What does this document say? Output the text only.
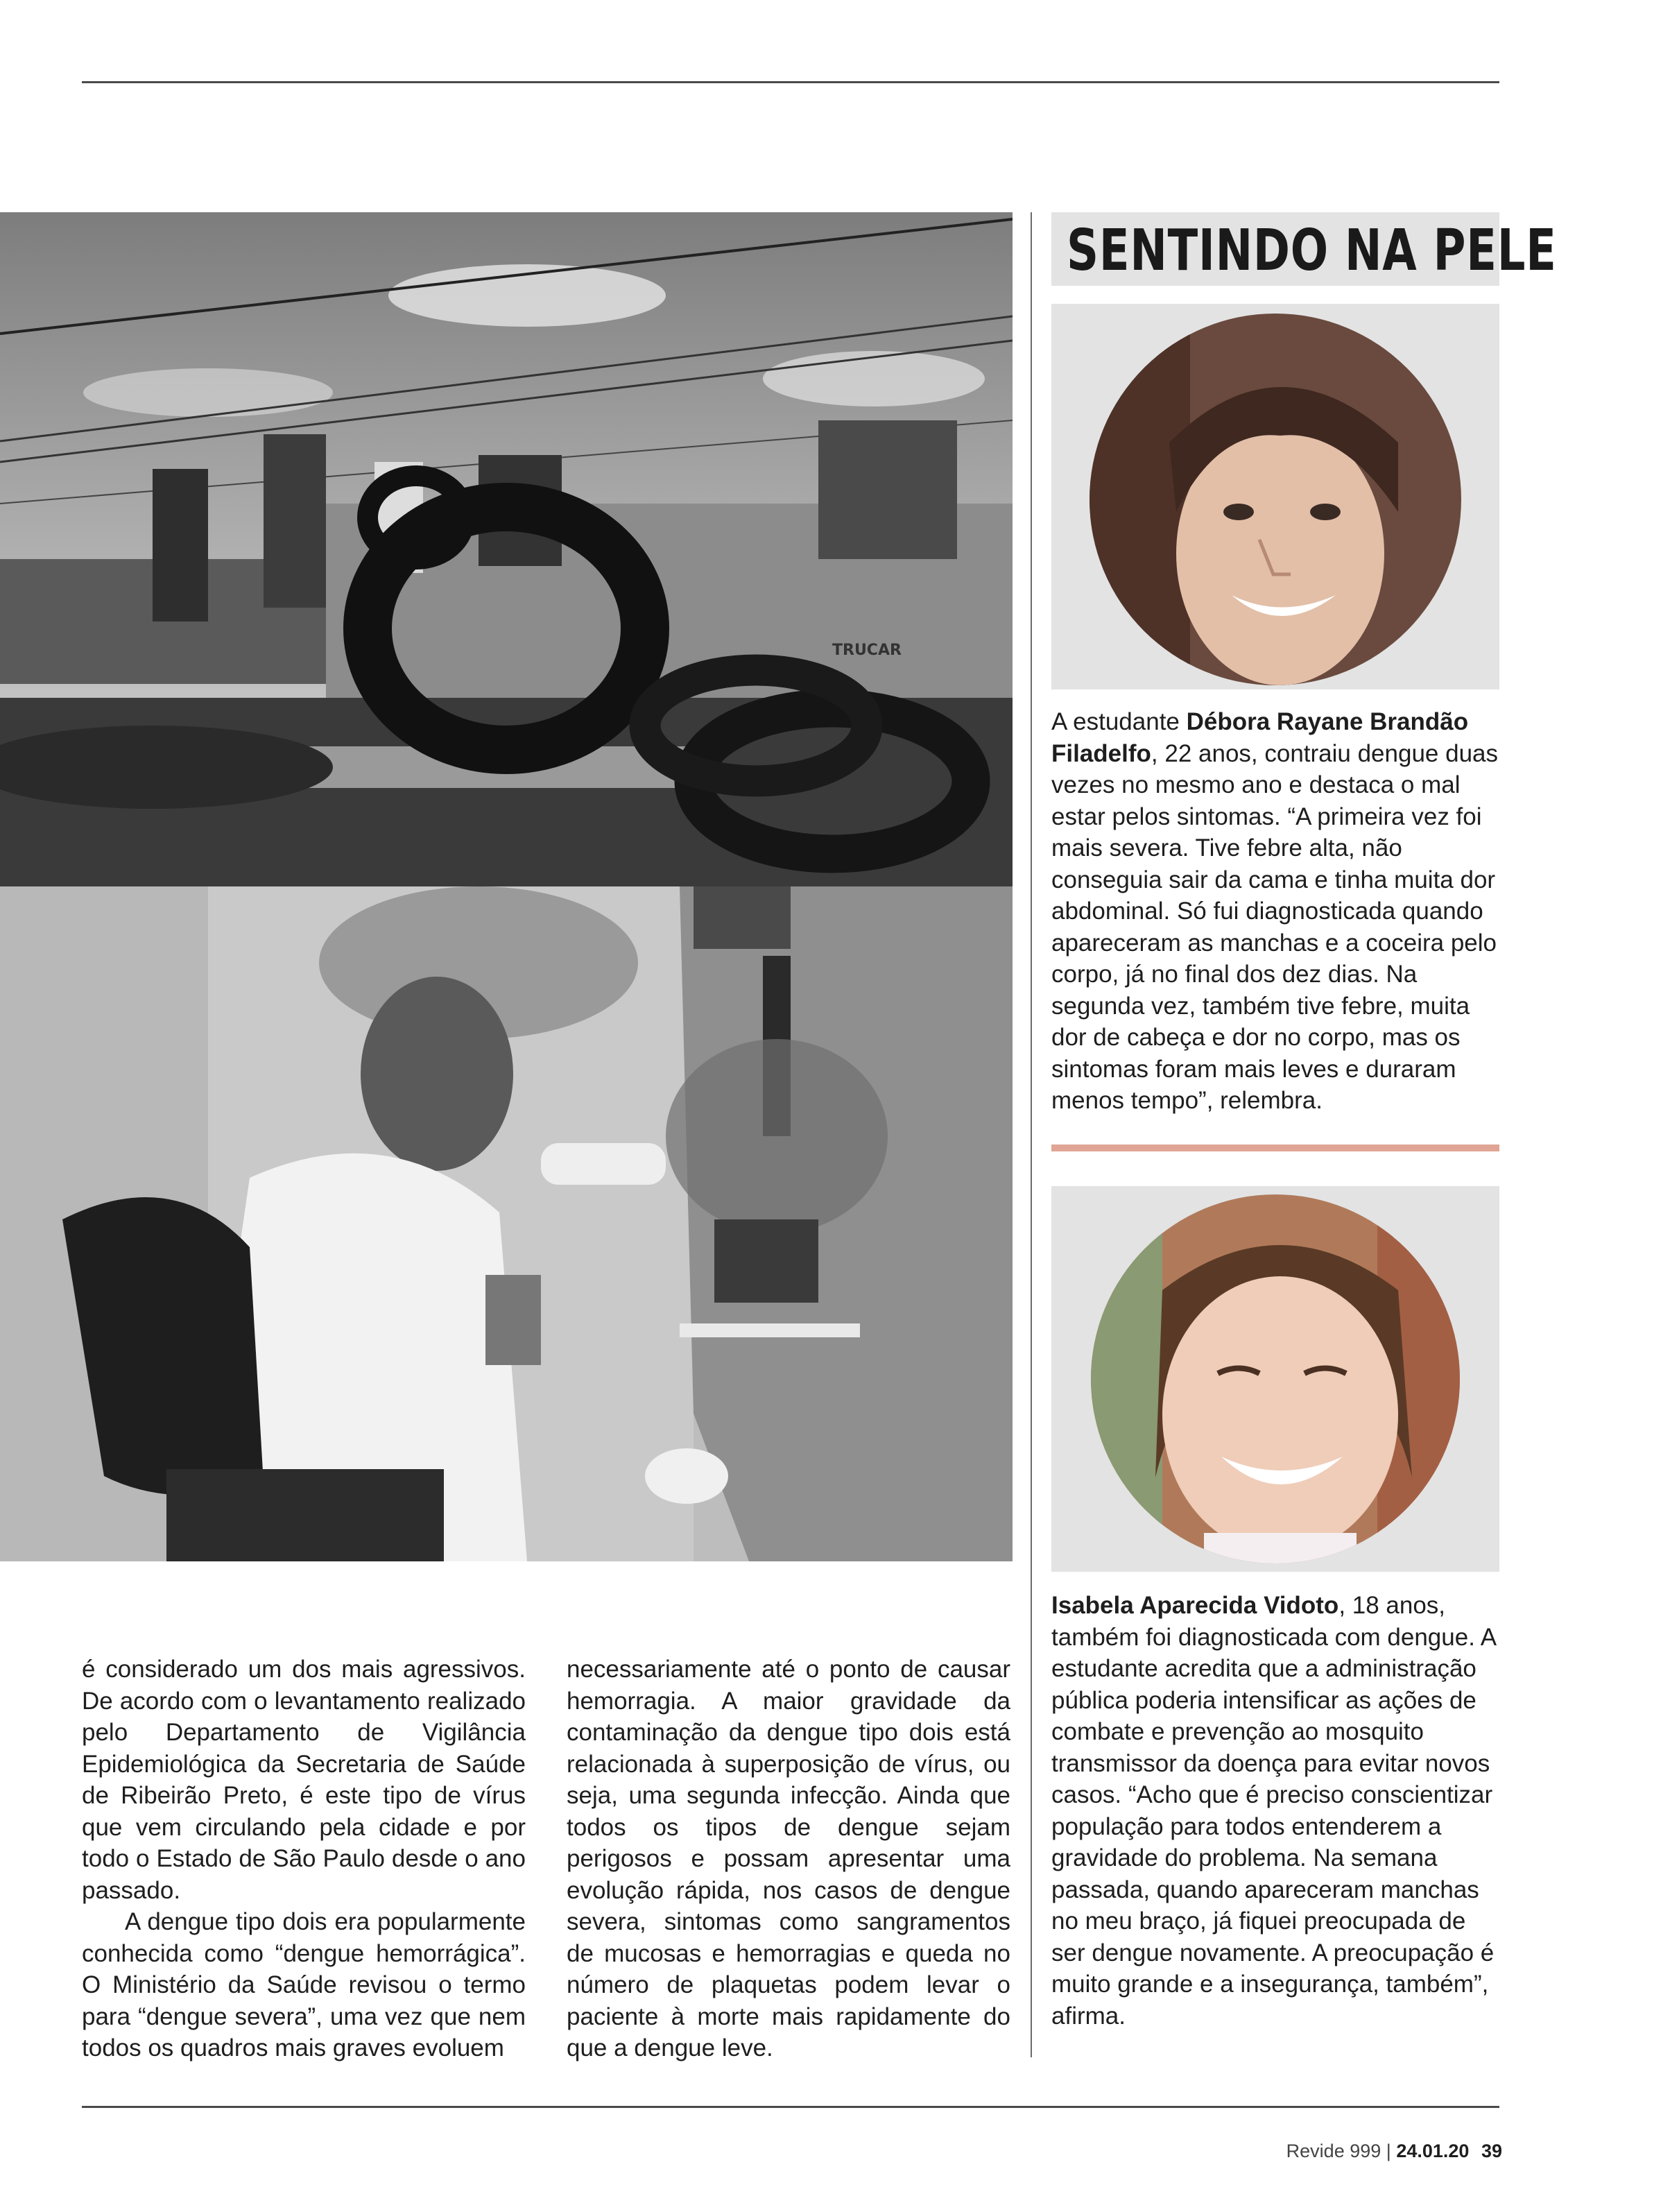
TRUCAR
SENTINDO NA PELE

A estudante Débora Rayane Brandão Filadelfo, 22 anos, contraiu dengue duas vezes no mesmo ano e destaca o mal estar pelos sintomas. “A primeira vez foi mais severa. Tive febre alta, não conseguia sair da cama e tinha muita dor abdominal. Só fui diagnosticada quando apareceram as manchas e a coceira pelo corpo, já no final dos dez dias. Na segunda vez, também tive febre, muita dor de cabeça e dor no corpo, mas os sintomas foram mais leves e duraram menos tempo”, relembra.

Isabela Aparecida Vidoto, 18 anos, também foi diagnosticada com dengue. A estudante acredita que a administração pública poderia intensificar as ações de combate e prevenção ao mosquito transmissor da doença para evitar novos casos. “Acho que é preciso conscientizar população para todos entenderem a gravidade do problema. Na semana passada, quando apareceram manchas no meu braço, já fiquei preocupada de ser dengue novamente. A preocupação é muito grande e a insegurança, também”, afirma.

é considerado um dos mais agressivos. De acordo com o levantamento realizado pelo Departamento de Vigilância Epidemiológica da Secretaria de Saúde de Ribeirão Preto, é este tipo de vírus que vem circulando pela cidade e por todo o Estado de São Paulo desde o ano passado.

A dengue tipo dois era popularmente conhecida como “dengue hemorrágica”. O Ministério da Saúde revisou o termo para “dengue severa”, uma vez que nem todos os quadros mais graves evoluem

necessariamente até o ponto de causar hemorragia. A maior gravidade da contaminação da dengue tipo dois está relacionada à superposição de vírus, ou seja, uma segunda infecção. Ainda que todos os tipos de dengue sejam perigosos e possam apresentar uma evolução rápida, nos casos de dengue severa, sintomas como sangramentos de mucosas e hemorragias e queda no número de plaquetas podem levar o paciente à morte mais rapidamente do que a dengue leve.

Revide 999 | 24.01.20 39
